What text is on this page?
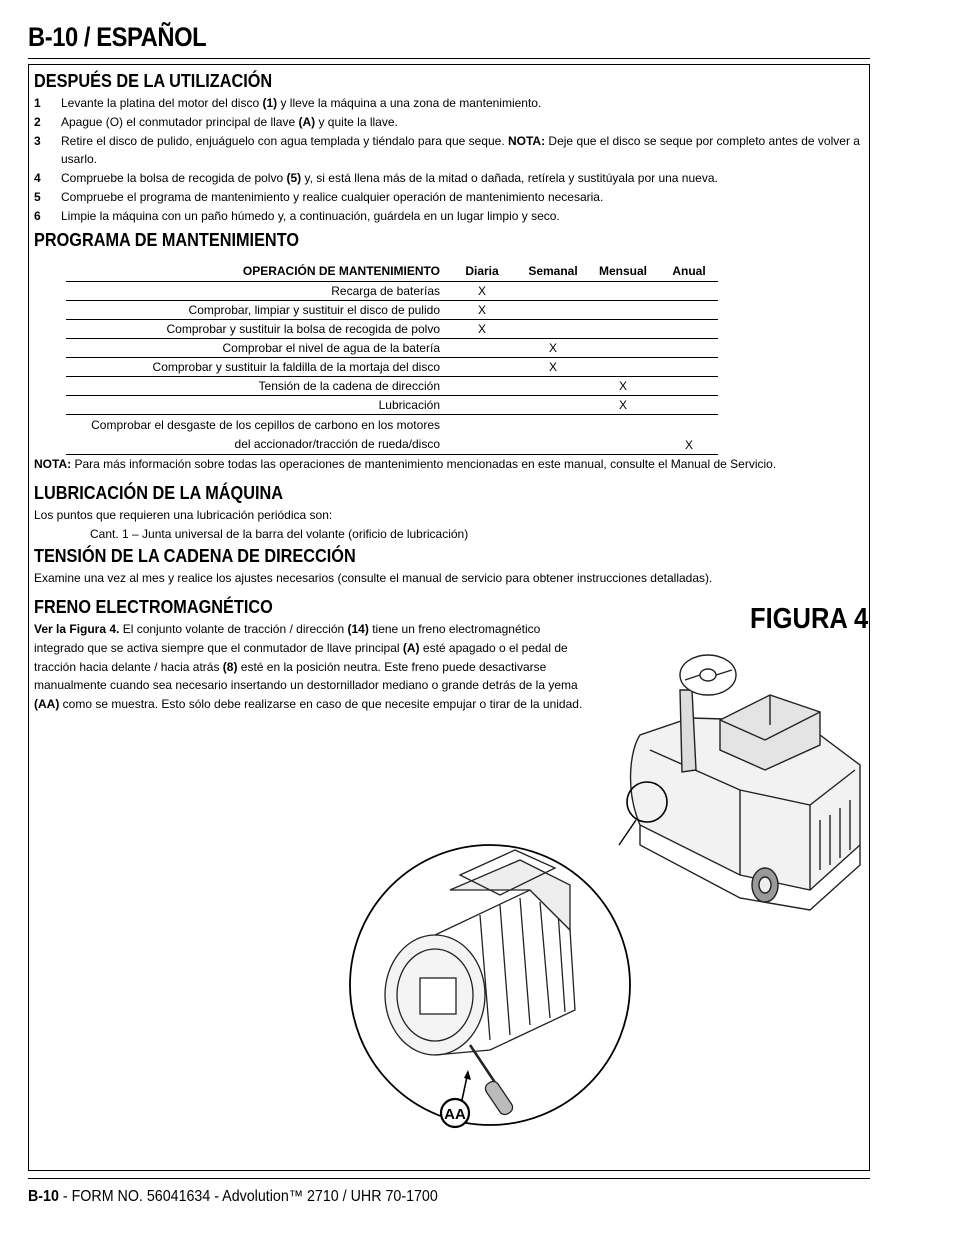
B-10 / ESPAÑOL
DESPUÉS DE LA UTILIZACIÓN
1	Levante la platina del motor del disco (1) y lleve la máquina a una zona de mantenimiento.
2	Apague (O) el conmutador principal de llave (A) y quite la llave.
3	Retire el disco de pulido, enjuáguelo con agua templada y tiéndalo para que seque. NOTA: Deje que el disco se seque por completo antes de volver a usarlo.
4	Compruebe la bolsa de recogida de polvo (5) y, si está llena más de la mitad o dañada, retírela y sustitúyala por una nueva.
5	Compruebe el programa de mantenimiento y realice cualquier operación de mantenimiento necesaria.
6	Limpie la máquina con un paño húmedo y, a continuación, guárdela en un lugar limpio y seco.
PROGRAMA DE MANTENIMIENTO
OPERACIÓN DE MANTENIMIENTO	Diaria	Semanal	Mensual	Anual
Recarga de baterías	X			
Comprobar, limpiar y sustituir el disco de pulido	X			
Comprobar y sustituir la bolsa de recogida de polvo	X			
Comprobar el nivel de agua de la batería		X		
Comprobar y sustituir la faldilla de la mortaja del disco		X		
Tensión de la cadena de dirección			X	
Lubricación			X	
Comprobar el desgaste de los cepillos de carbono en los motores
del accionador/tracción de rueda/disco				X
NOTA: Para más información sobre todas las operaciones de mantenimiento mencionadas en este manual, consulte el Manual de Servicio.
LUBRICACIÓN DE LA MÁQUINA
Los puntos que requieren una lubricación periódica son:
Cant. 1 – Junta universal de la barra del volante (orificio de lubricación)
TENSIÓN DE LA CADENA DE DIRECCIÓN
Examine una vez al mes y realice los ajustes necesarios (consulte el manual de servicio para obtener instrucciones detalladas).
FRENO ELECTROMAGNÉTICO
Ver la Figura 4. El conjunto volante de tracción / dirección (14) tiene un freno electromagnético integrado que se activa siempre que el conmutador de llave principal (A) esté apagado o el pedal de tracción hacia delante / hacia atrás (8) esté en la posición neutra. Este freno puede desactivarse manualmente cuando sea necesario insertando un destornillador mediano o grande detrás de la yema (AA) como se muestra. Esto sólo debe realizarse en caso de que necesite empujar o tirar de la unidad.
FIGURA 4
AA
B-10 - FORM NO. 56041634 - Advolution™ 2710 / UHR 70-1700
